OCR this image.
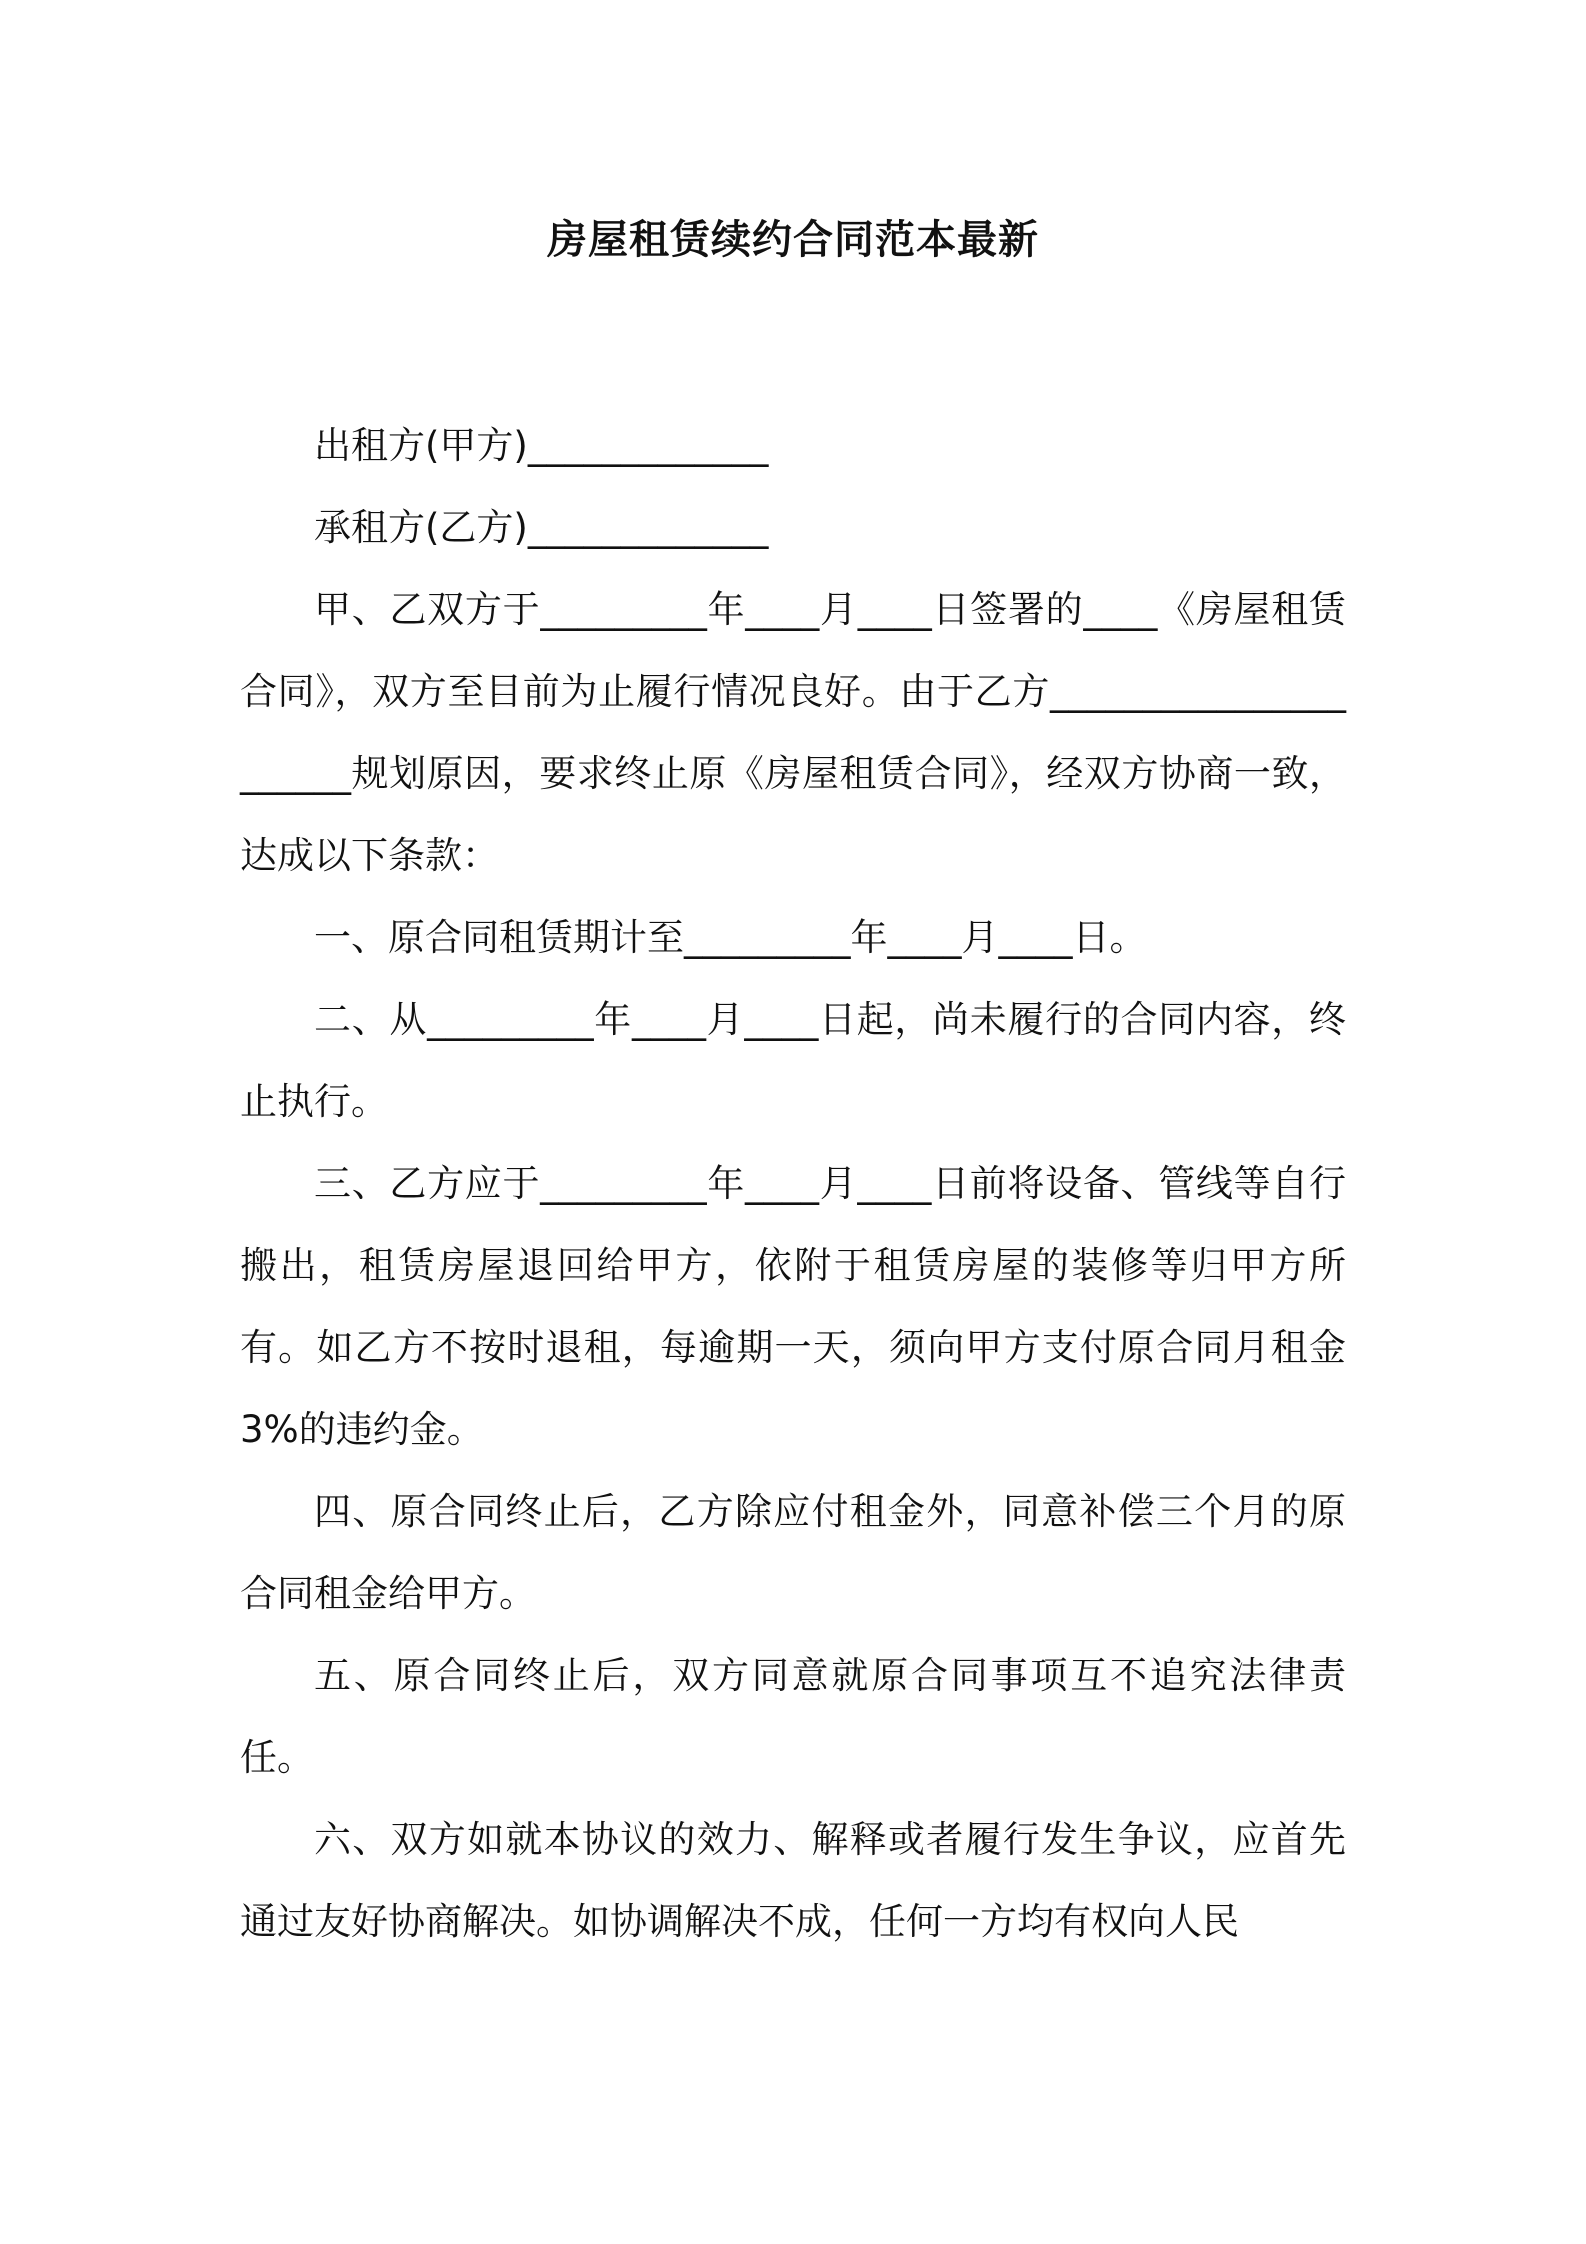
房屋租赁续约合同范本最新

出租方(甲方)_____________

承租方(乙方)_____________

甲、乙双方于_________年____月____日签署的____《房屋租赁合同》，双方至目前为止履行情况良好。由于乙方______________________规划原因，要求终止原《房屋租赁合同》，经双方协商一致，达成以下条款：

一、原合同租赁期计至_________年____月____日。

二、从_________年____月____日起，尚未履行的合同内容，终止执行。

三、乙方应于_________年____月____日前将设备、管线等自行搬出，租赁房屋退回给甲方，依附于租赁房屋的装修等归甲方所有。如乙方不按时退租，每逾期一天，须向甲方支付原合同月租金 3%的违约金。

四、原合同终止后，乙方除应付租金外，同意补偿三个月的原合同租金给甲方。

五、原合同终止后，双方同意就原合同事项互不追究法律责任。

六、双方如就本协议的效力、解释或者履行发生争议，应首先通过友好协商解决。如协调解决不成，任何一方均有权向人民
